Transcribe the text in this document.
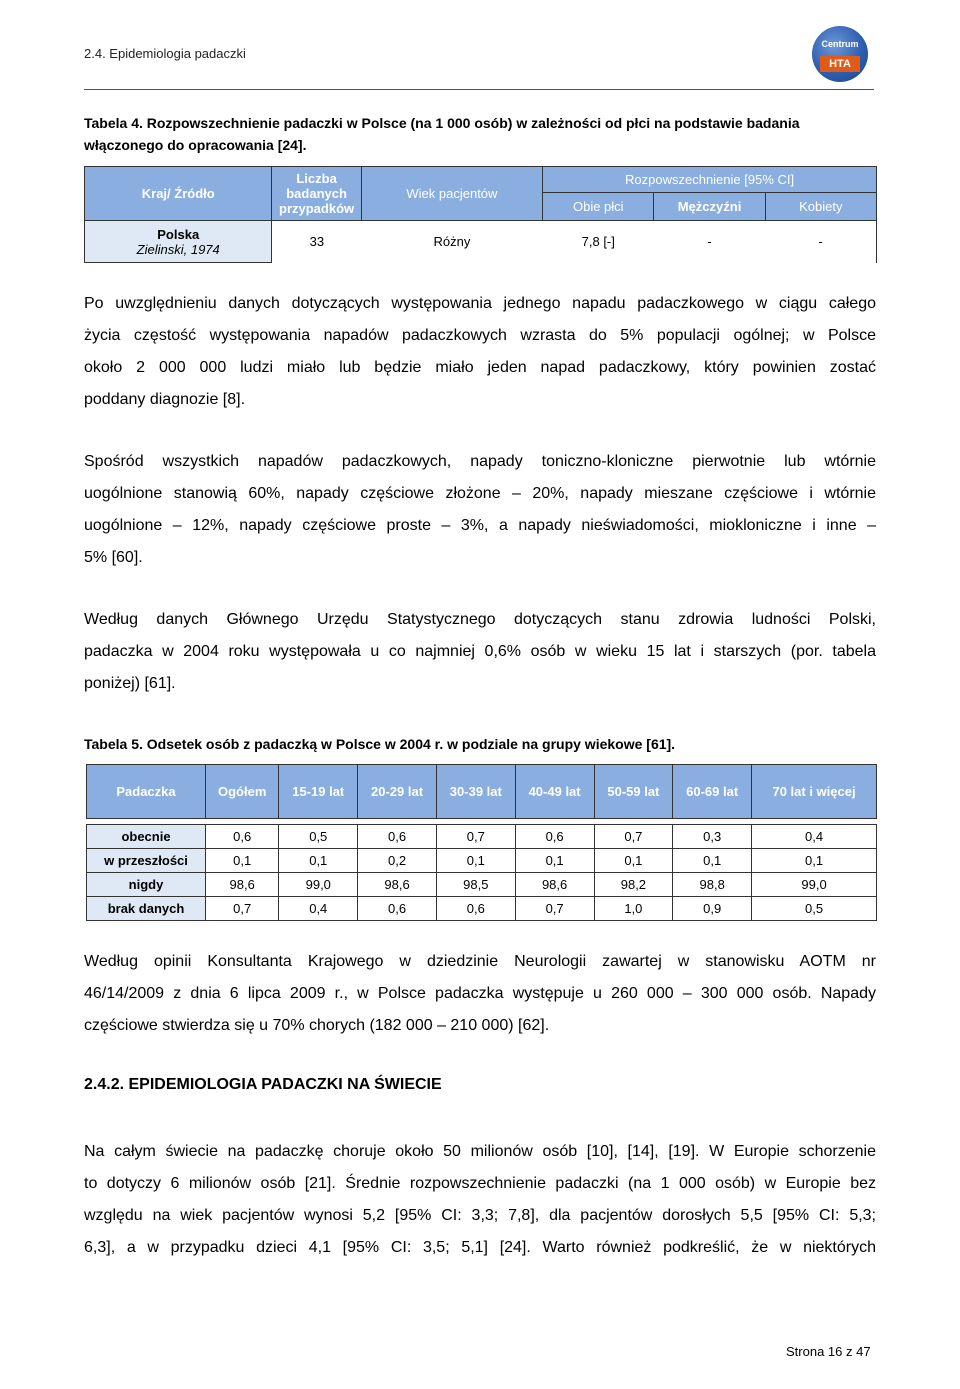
2.4. Epidemiologia padaczki
Centrum
HTA
Tabela 4. Rozpowszechnienie padaczki w Polsce (na 1 000 osób) w zależności od płci na podstawie badania włączonego do opracowania [24].
Kraj/ Źródło	Liczba badanych przypadków	Wiek pacjentów	Rozpowszechnienie [95% CI]		
			Obie płci	Mężczyźni	Kobiety

Polska
Zielinski, 1974	33	Różny	7,8 [-]	-	-
Po uwzględnieniu danych dotyczących występowania jednego napadu padaczkowego w ciągu całego
życia częstość występowania napadów padaczkowych wzrasta do 5% populacji ogólnej; w Polsce
około 2 000 000 ludzi miało lub będzie miało jeden napad padaczkowy, który powinien zostać
poddany diagnozie [8].
Spośród wszystkich napadów padaczkowych, napady toniczno-kloniczne pierwotnie lub wtórnie
uogólnione stanowią 60%, napady częściowe złożone – 20%, napady mieszane częściowe i wtórnie
uogólnione – 12%, napady częściowe proste – 3%, a napady nieświadomości, miokloniczne i inne –
5% [60].
Według danych Głównego Urzędu Statystycznego dotyczących stanu zdrowia ludności Polski,
padaczka w 2004 roku występowała u co najmniej 0,6% osób w wieku 15 lat i starszych (por. tabela
poniżej) [61].
Tabela 5. Odsetek osób z padaczką w Polsce w 2004 r. w podziale na grupy wiekowe [61].
Padaczka	Ogółem	15-19 lat	20-29 lat	30-39 lat	40-49 lat	50-59 lat	60-69 lat	70 lat i więcej

obecnie	0,6	0,5	0,6	0,7	0,6	0,7	0,3	0,4
w przeszłości	0,1	0,1	0,2	0,1	0,1	0,1	0,1	0,1
nigdy	98,6	99,0	98,6	98,5	98,6	98,2	98,8	99,0
brak danych	0,7	0,4	0,6	0,6	0,7	1,0	0,9	0,5
Według opinii Konsultanta Krajowego w dziedzinie Neurologii zawartej w stanowisku AOTM nr
46/14/2009 z dnia 6 lipca 2009 r., w Polsce padaczka występuje u 260 000 – 300 000 osób. Napady
częściowe stwierdza się u 70% chorych (182 000 – 210 000) [62].
2.4.2. EPIDEMIOLOGIA PADACZKI NA ŚWIECIE
Na całym świecie na padaczkę choruje około 50 milionów osób [10], [14], [19]. W Europie schorzenie
to dotyczy 6 milionów osób [21]. Średnie rozpowszechnienie padaczki (na 1 000 osób) w Europie bez
względu na wiek pacjentów wynosi 5,2 [95% CI: 3,3; 7,8], dla pacjentów dorosłych 5,5 [95% CI: 5,3;
6,3], a w przypadku dzieci 4,1 [95% CI: 3,5; 5,1] [24]. Warto również podkreślić, że w niektórych
Strona 16 z 47
